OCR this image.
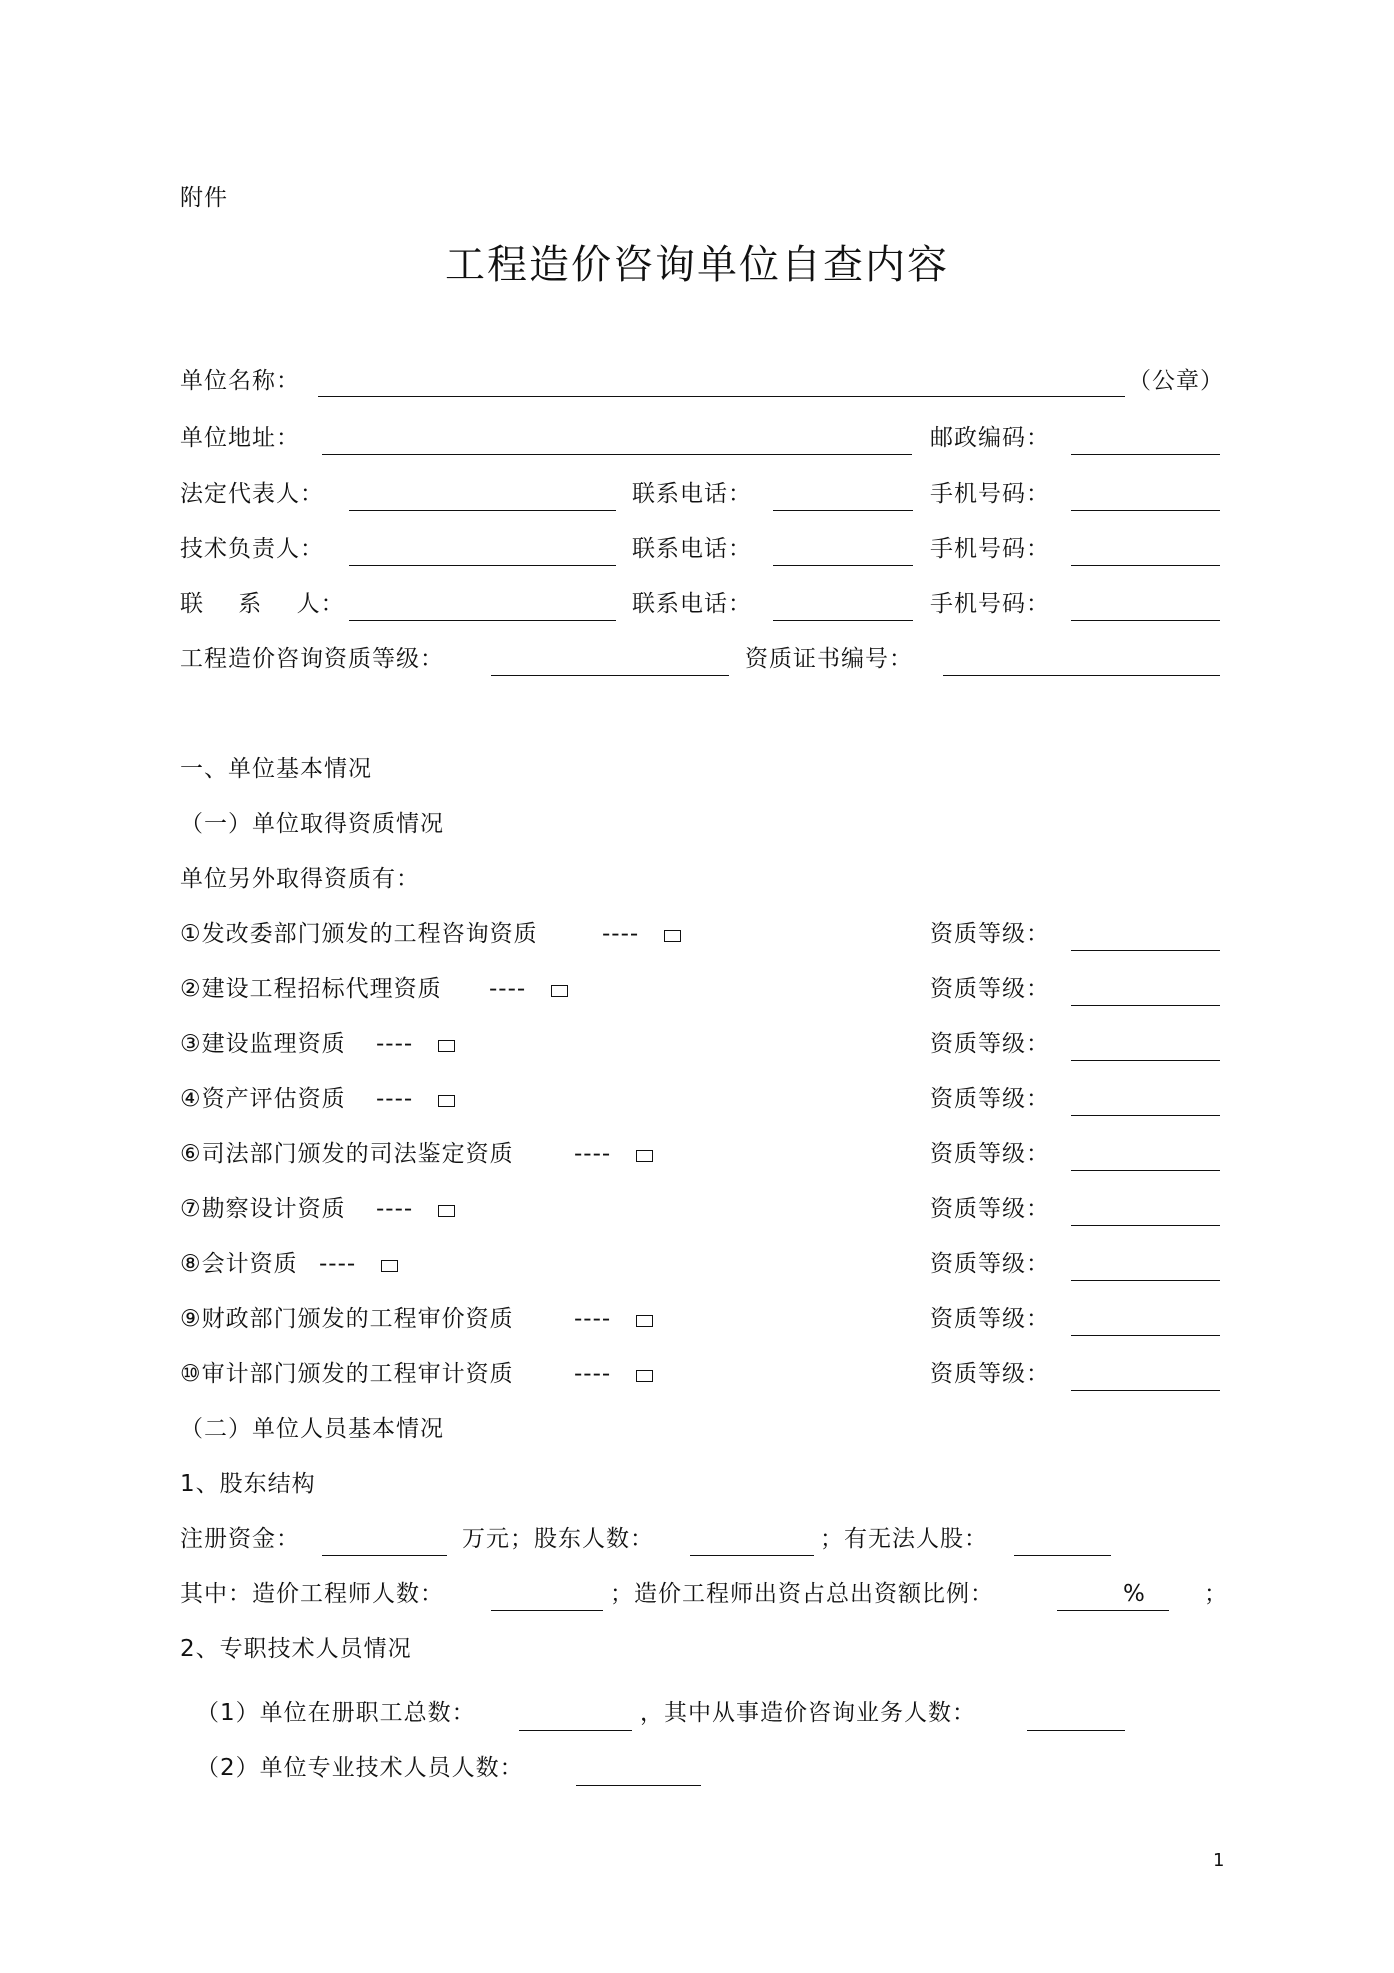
附件
工程造价咨询单位自查内容
单位名称：	（公章）
单位地址：	邮政编码：
法定代表人：	联系电话：	手机号码：
技术负责人：	联系电话：	手机号码：
联 系 人：	联系电话：	手机号码：
工程造价咨询资质等级：	资质证书编号：
一、单位基本情况
（一）单位取得资质情况
单位另外取得资质有：
①发改委部门颁发的工程咨询资质	----	资质等级：
②建设工程招标代理资质 ----	资质等级：
③建设监理资质 ----	资质等级：
④资产评估资质 ----	资质等级：
⑥司法部门颁发的司法鉴定资质	----	资质等级：
⑦勘察设计资质 ----	资质等级：
⑧会计资质 ----	资质等级：
⑨财政部门颁发的工程审价资质	----	资质等级：
⑩审计部门颁发的工程审计资质	----	资质等级：
（二）单位人员基本情况
1、股东结构
注册资金：	万元；股东人数：	；有无法人股：
其中：造价工程师人数：	；造价工程师出资占总出资额比例：	%	；
2、专职技术人员情况
（1）单位在册职工总数：	，其中从事造价咨询业务人数：
（2）单位专业技术人员人数：
1
